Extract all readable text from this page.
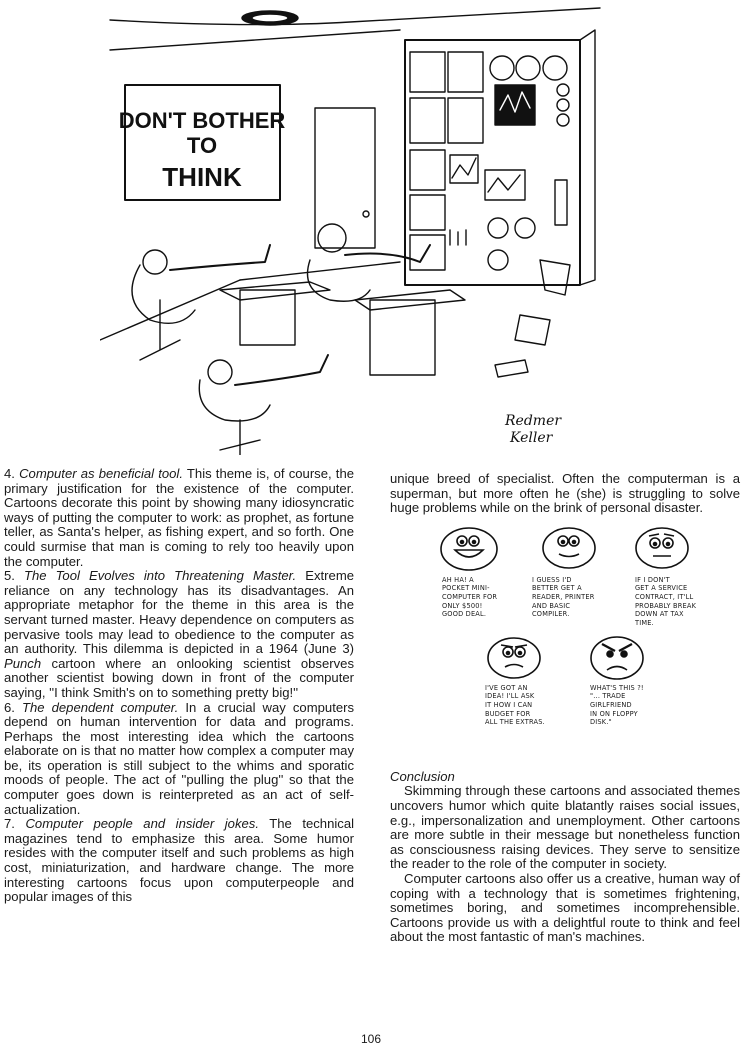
DON'T BOTHER
TO
THINK
Redmer
Keller

4. Computer as beneficial tool. This theme is, of course, the primary justification for the existence of the computer. Cartoons decorate this point by showing many idiosyncratic ways of putting the computer to work: as prophet, as fortune teller, as Santa's helper, as fishing expert, and so forth. One could surmise that man is coming to rely too heavily upon the computer.

5. The Tool Evolves into Threatening Master. Extreme reliance on any technology has its disadvantages. An appropriate metaphor for the theme in this area is the servant turned master. Heavy dependence on computers as pervasive tools may lead to obedience to the computer as an authority. This dilemma is depicted in a 1964 (June 3) Punch cartoon where an onlooking scientist observes another scientist bowing down in front of the computer saying, ''I think Smith's on to something pretty big!''

6. The dependent computer. In a crucial way computers depend on human intervention for data and programs. Perhaps the most interesting idea which the cartoons elaborate on is that no matter how complex a computer may be, its operation is still subject to the whims and sporatic moods of people. The act of ''pulling the plug'' so that the computer goes down is reinterpreted as an act of self-actualization.

7. Computer people and insider jokes. The technical magazines tend to emphasize this area. Some humor resides with the computer itself and such problems as high cost, miniaturization, and hardware change. The more interesting cartoons focus upon computerpeople and popular images of this

unique breed of specialist. Often the computerman is a superman, but more often he (she) is struggling to solve huge problems while on the brink of personal disaster.

AH HA! A
POCKET MINI-
COMPUTER FOR
ONLY $500!
GOOD DEAL.
I GUESS I'D
BETTER GET A
READER, PRINTER
AND BASIC
COMPILER.
IF I DON'T
GET A SERVICE
CONTRACT, IT'LL
PROBABLY BREAK
DOWN AT TAX
TIME.
I'VE GOT AN
IDEA! I'LL ASK
IT HOW I CAN
BUDGET FOR
ALL THE EXTRAS.
WHAT'S THIS ?!
"... TRADE
GIRLFRIEND
IN ON FLOPPY
DISK."

Conclusion

Skimming through these cartoons and associated themes uncovers humor which quite blatantly raises social issues, e.g., impersonalization and unemployment. Other cartoons are more subtle in their message but nonetheless function as consciousness raising devices. They serve to sensitize the reader to the role of the computer in society.

Computer cartoons also offer us a creative, human way of coping with a technology that is sometimes frightening, sometimes boring, and sometimes incomprehensible. Cartoons provide us with a delightful route to think and feel about the most fantastic of man's machines.

106
